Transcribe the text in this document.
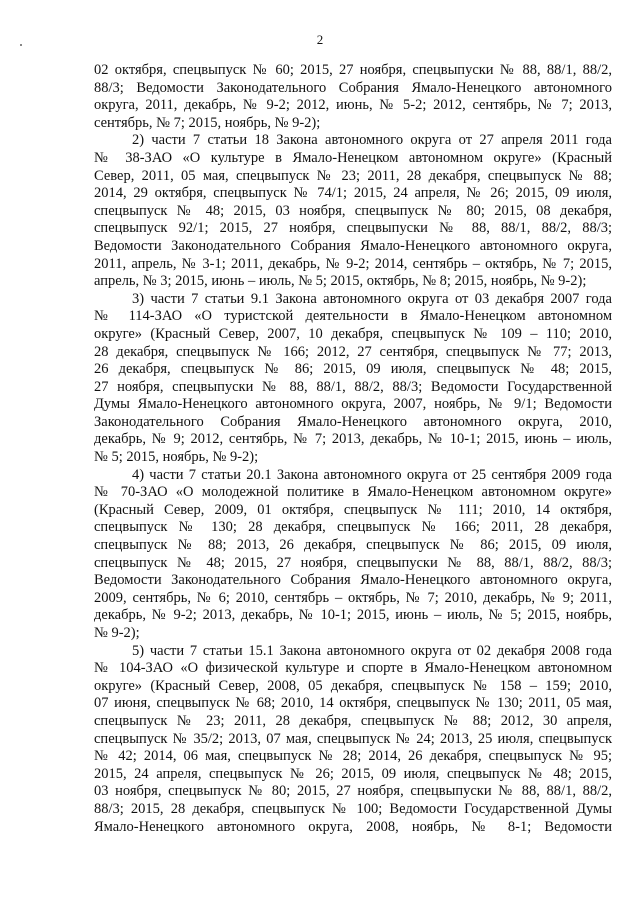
2
02 октября, спецвыпуск № 60; 2015, 27 ноября, спецвыпуски № 88, 88/1, 88/2,
88/3; Ведомости Законодательного Собрания Ямало-Ненецкого автономного
округа, 2011, декабрь, № 9-2; 2012, июнь, № 5-2; 2012, сентябрь, № 7; 2013,
сентябрь, № 7; 2015, ноябрь, № 9-2);
2) части 7 статьи 18 Закона автономного округа от 27 апреля 2011 года
№ 38-ЗАО «О культуре в Ямало-Ненецком автономном округе» (Красный
Север, 2011, 05 мая, спецвыпуск № 23; 2011, 28 декабря, спецвыпуск № 88;
2014, 29 октября, спецвыпуск № 74/1; 2015, 24 апреля, № 26; 2015, 09 июля,
спецвыпуск № 48; 2015, 03 ноября, спецвыпуск № 80; 2015, 08 декабря,
спецвыпуск 92/1; 2015, 27 ноября, спецвыпуски № 88, 88/1, 88/2, 88/3;
Ведомости Законодательного Собрания Ямало-Ненецкого автономного округа,
2011, апрель, № 3-1; 2011, декабрь, № 9-2; 2014, сентябрь – октябрь, № 7; 2015,
апрель, № 3; 2015, июнь – июль, № 5; 2015, октябрь, № 8; 2015, ноябрь, № 9-2);
3) части 7 статьи 9.1 Закона автономного округа от 03 декабря 2007 года
№ 114-ЗАО «О туристской деятельности в Ямало-Ненецком автономном
округе» (Красный Север, 2007, 10 декабря, спецвыпуск № 109 – 110; 2010,
28 декабря, спецвыпуск № 166; 2012, 27 сентября, спецвыпуск № 77; 2013,
26 декабря, спецвыпуск № 86; 2015, 09 июля, спецвыпуск № 48; 2015,
27 ноября, спецвыпуски № 88, 88/1, 88/2, 88/3; Ведомости Государственной
Думы Ямало-Ненецкого автономного округа, 2007, ноябрь, № 9/1; Ведомости
Законодательного Собрания Ямало-Ненецкого автономного округа, 2010,
декабрь, № 9; 2012, сентябрь, № 7; 2013, декабрь, № 10-1; 2015, июнь – июль,
№ 5; 2015, ноябрь, № 9-2);
4) части 7 статьи 20.1 Закона автономного округа от 25 сентября 2009 года
№ 70-ЗАО «О молодежной политике в Ямало-Ненецком автономном округе»
(Красный Север, 2009, 01 октября, спецвыпуск № 111; 2010, 14 октября,
спецвыпуск № 130; 28 декабря, спецвыпуск № 166; 2011, 28 декабря,
спецвыпуск № 88; 2013, 26 декабря, спецвыпуск № 86; 2015, 09 июля,
спецвыпуск № 48; 2015, 27 ноября, спецвыпуски № 88, 88/1, 88/2, 88/3;
Ведомости Законодательного Собрания Ямало-Ненецкого автономного округа,
2009, сентябрь, № 6; 2010, сентябрь – октябрь, № 7; 2010, декабрь, № 9; 2011,
декабрь, № 9-2; 2013, декабрь, № 10-1; 2015, июнь – июль, № 5; 2015, ноябрь,
№ 9-2);
5) части 7 статьи 15.1 Закона автономного округа от 02 декабря 2008 года
№ 104-ЗАО «О физической культуре и спорте в Ямало-Ненецком автономном
округе» (Красный Север, 2008, 05 декабря, спецвыпуск № 158 – 159; 2010,
07 июня, спецвыпуск № 68; 2010, 14 октября, спецвыпуск № 130; 2011, 05 мая,
спецвыпуск № 23; 2011, 28 декабря, спецвыпуск № 88; 2012, 30 апреля,
спецвыпуск № 35/2; 2013, 07 мая, спецвыпуск № 24; 2013, 25 июля, спецвыпуск
№ 42; 2014, 06 мая, спецвыпуск № 28; 2014, 26 декабря, спецвыпуск № 95;
2015, 24 апреля, спецвыпуск № 26; 2015, 09 июля, спецвыпуск № 48; 2015,
03 ноября, спецвыпуск № 80; 2015, 27 ноября, спецвыпуски № 88, 88/1, 88/2,
88/3; 2015, 28 декабря, спецвыпуск № 100; Ведомости Государственной Думы
Ямало-Ненецкого автономного округа, 2008, ноябрь, № 8-1; Ведомости
